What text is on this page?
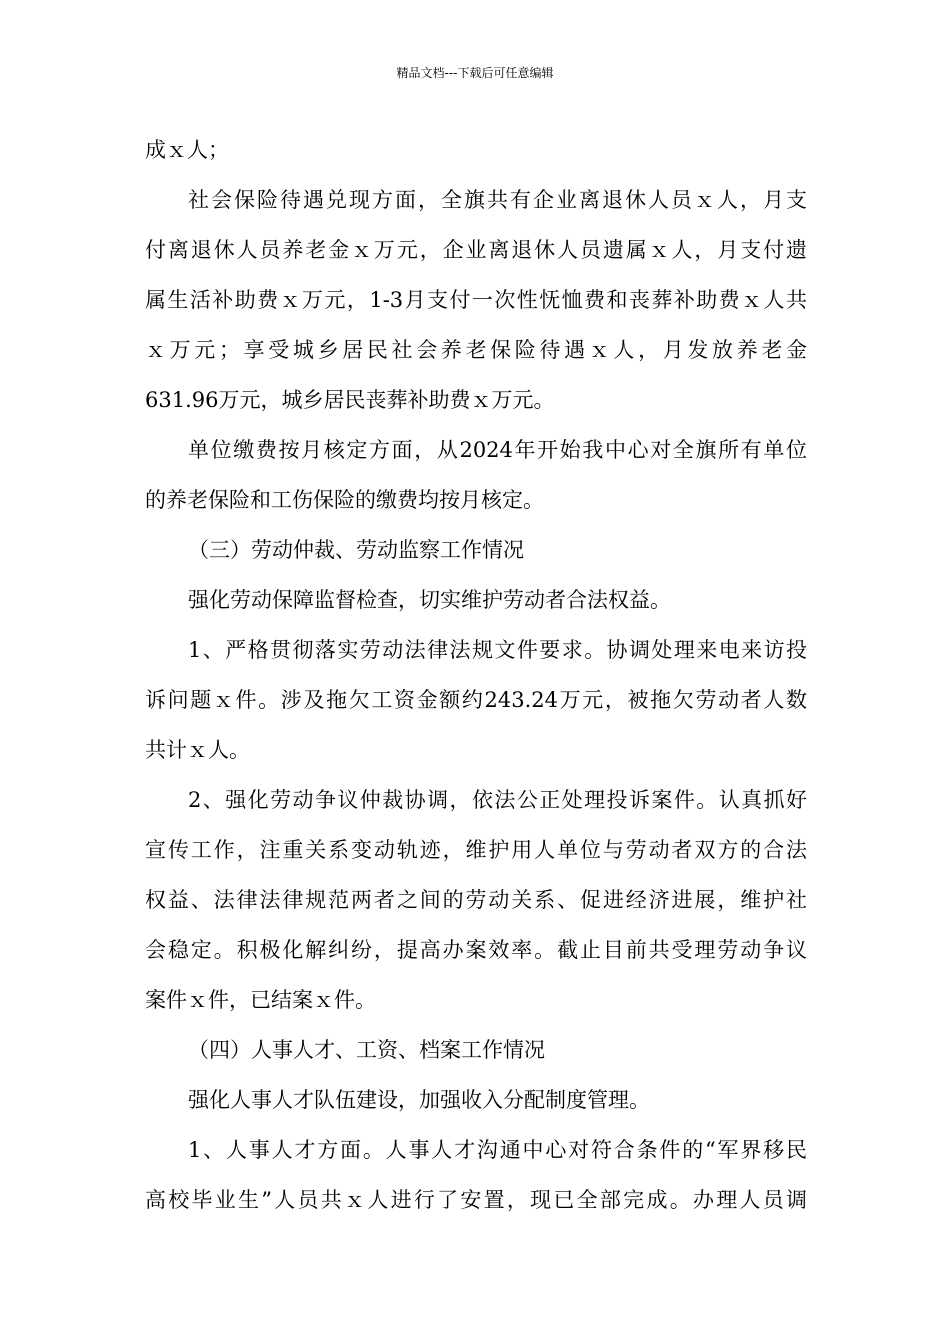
精品文档---下载后可任意编辑
成ｘ人；
社会保险待遇兑现方面，全旗共有企业离退休人员ｘ人，月支
付离退休人员养老金ｘ万元，企业离退休人员遗属ｘ人，月支付遗
属生活补助费ｘ万元，1-3月支付一次性怃恤费和丧葬补助费ｘ人共
ｘ万元；享受城乡居民社会养老保险待遇ｘ人，月发放养老金
631.96万元，城乡居民丧葬补助费ｘ万元。
单位缴费按月核定方面，从2024年开始我中心对全旗所有单位
的养老保险和工伤保险的缴费均按月核定。
（三）劳动仲裁、劳动监察工作情况
强化劳动保障监督检查，切实维护劳动者合法权益。
1、严格贯彻落实劳动法律法规文件要求。协调处理来电来访投
诉问题ｘ件。涉及拖欠工资金额约243.24万元，被拖欠劳动者人数
共计ｘ人。
2、强化劳动争议仲裁协调，依法公正处理投诉案件。认真抓好
宣传工作，注重关系变动轨迹，维护用人单位与劳动者双方的合法
权益、法律法律规范两者之间的劳动关系、促进经济进展，维护社
会稳定。积极化解纠纷，提高办案效率。截止目前共受理劳动争议
案件ｘ件，已结案ｘ件。
（四）人事人才、工资、档案工作情况
强化人事人才队伍建设，加强收入分配制度管理。
1、人事人才方面。人事人才沟通中心对符合条件的“军界移民
高校毕业生”人员共ｘ人进行了安置，现已全部完成。办理人员调
